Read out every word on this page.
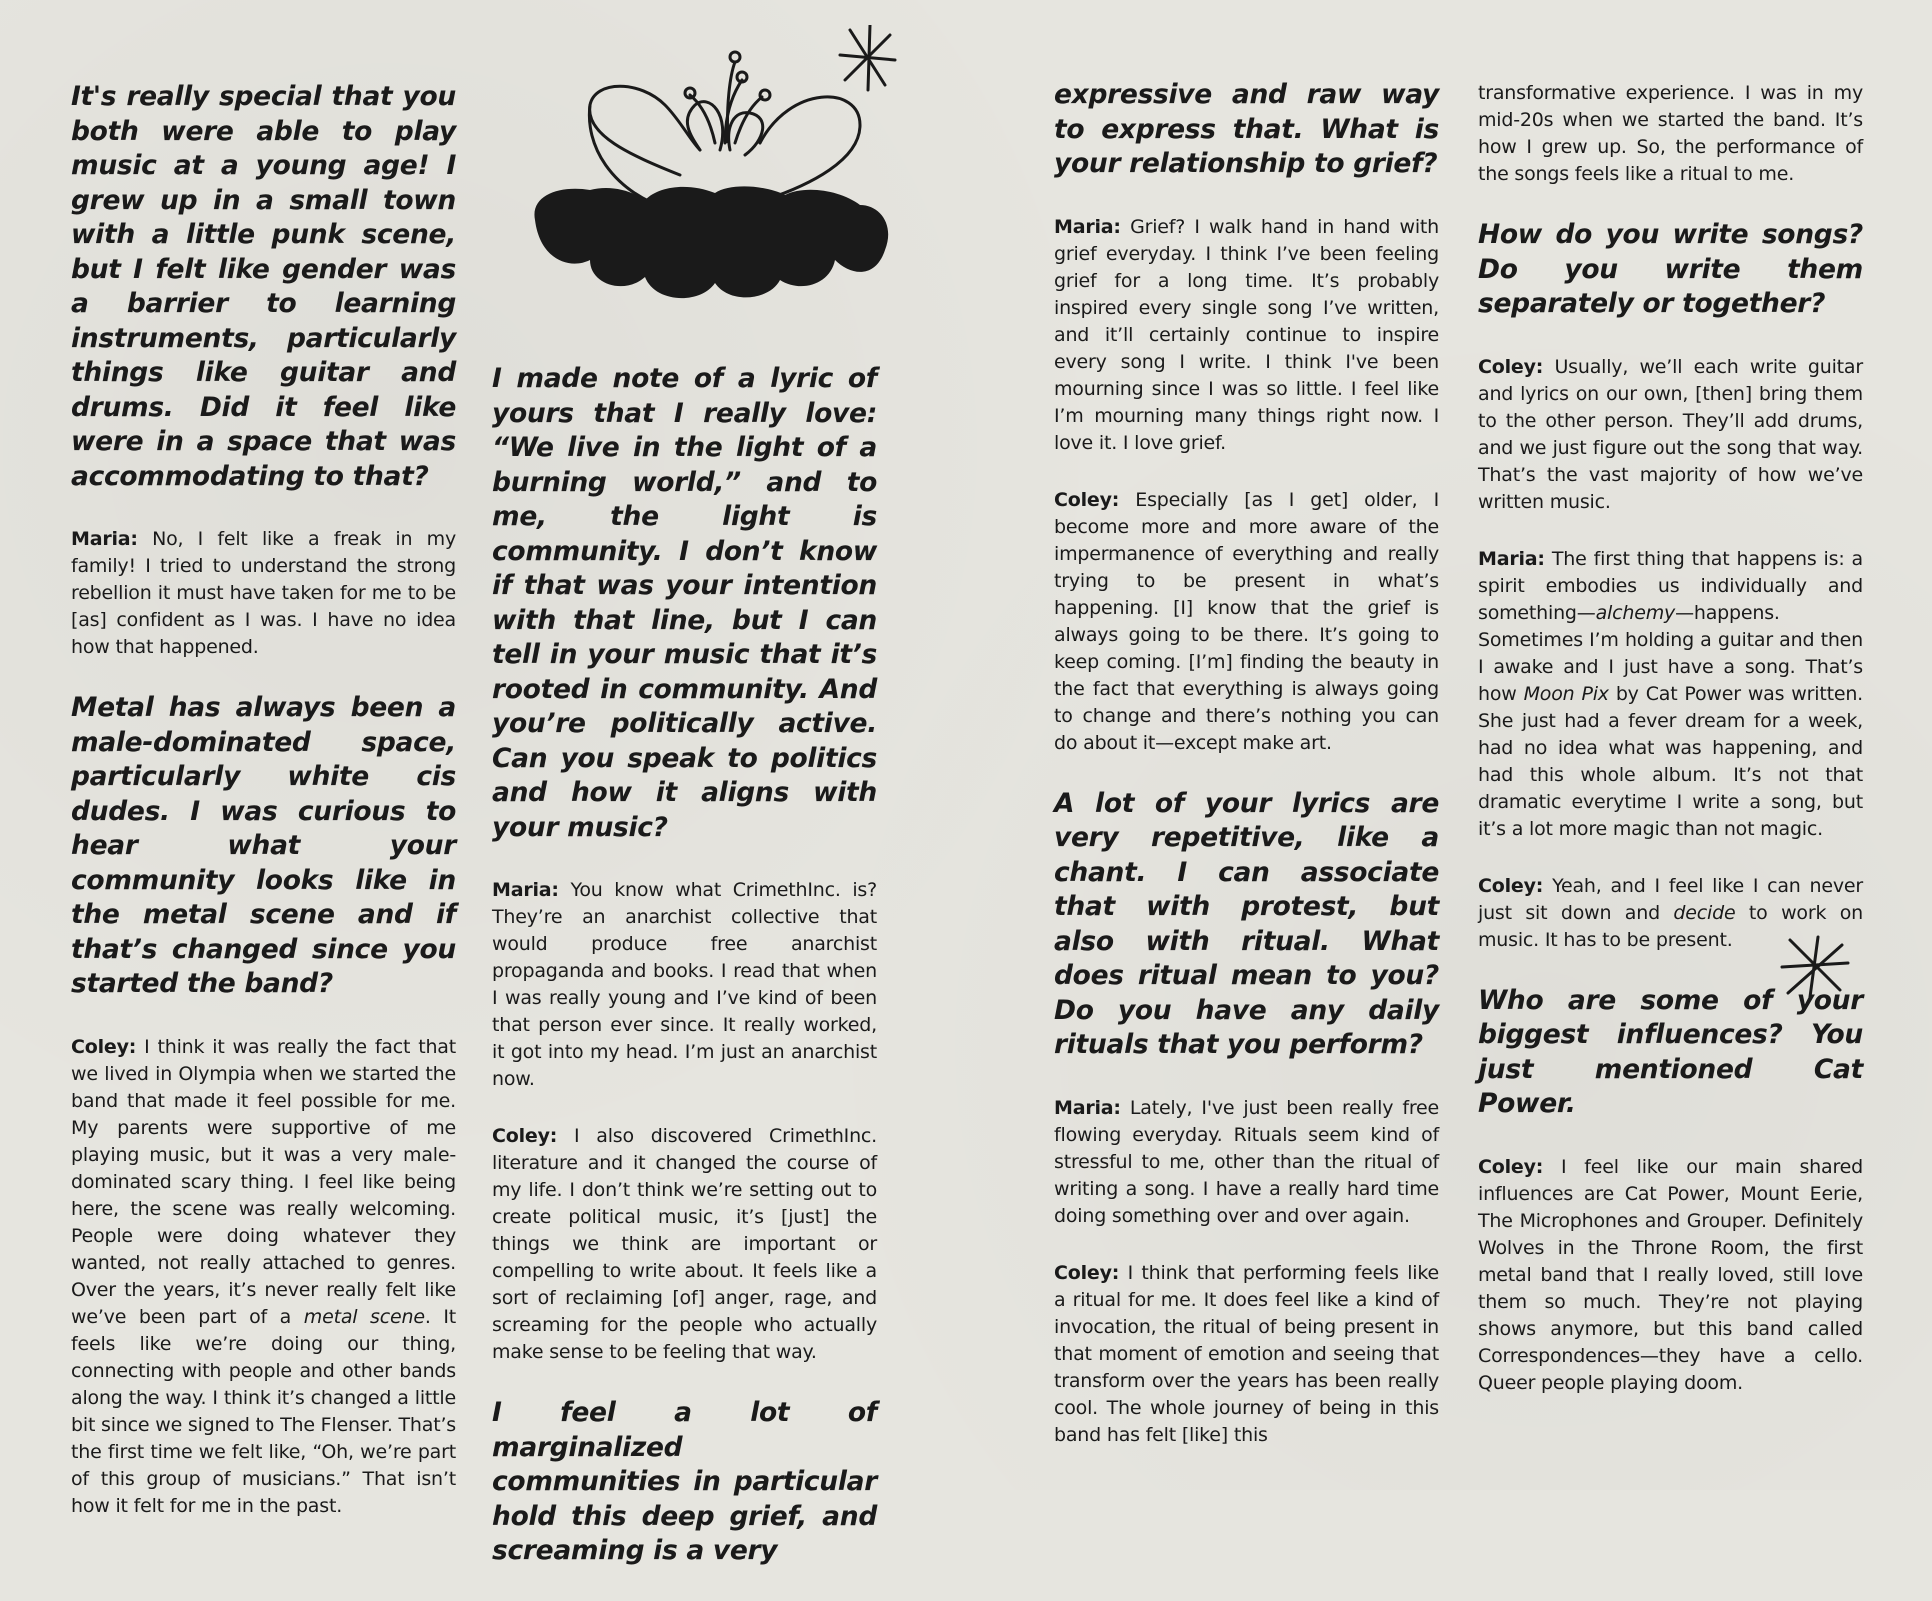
It's really special that you both were able to play music at a young age! I grew up in a small town with a little punk scene, but I felt like gender was a barrier to learning instruments, particularly things like guitar and drums. Did it feel like were in a space that was accommodating to that?

Maria: No, I felt like a freak in my family! I tried to understand the strong rebellion it must have taken for me to be [as] confident as I was. I have no idea how that happened.

Metal has always been a male-dominated space, particularly white cis dudes. I was curious to hear what your community looks like in the metal scene and if that’s changed since you started the band?

Coley: I think it was really the fact that we lived in Olympia when we started the band that made it feel possible for me. My parents were supportive of me playing music, but it was a very male-dominated scary thing. I feel like being here, the scene was really welcoming. People were doing whatever they wanted, not really attached to genres. Over the years, it’s never really felt like we’ve been part of a metal scene. It feels like we’re doing our thing, connecting with people and other bands along the way. I think it’s changed a little bit since we signed to The Flenser. That’s the first time we felt like, “Oh, we’re part of this group of musicians.” That isn’t how it felt for me in the past.

I made note of a lyric of yours that I really love: “We live in the light of a burning world,” and to me, the light is community. I don’t know if that was your intention with that line, but I can tell in your music that it’s rooted in community. And you’re politically active. Can you speak to politics and how it aligns with your music?

Maria: You know what CrimethInc. is? They’re an anarchist collective that would produce free anarchist propaganda and books. I read that when I was really young and I’ve kind of been that person ever since. It really worked, it got into my head. I’m just an anarchist now.

Coley: I also discovered CrimethInc. literature and it changed the course of my life. I don’t think we’re setting out to create political music, it’s [just] the things we think are important or compelling to write about. It feels like a sort of reclaiming [of] anger, rage, and screaming for the people who actually make sense to be feeling that way.

I feel a lot of marginalized communities in particular hold this deep grief, and screaming is a very

expressive and raw way to express that. What is your relationship to grief?

Maria: Grief? I walk hand in hand with grief everyday. I think I’ve been feeling grief for a long time. It’s probably inspired every single song I’ve written, and it’ll certainly continue to inspire every song I write. I think I've been mourning since I was so little. I feel like I’m mourning many things right now. I love it. I love grief.

Coley: Especially [as I get] older, I become more and more aware of the impermanence of everything and really trying to be present in what’s happening. [I] know that the grief is always going to be there. It’s going to keep coming. [I’m] finding the beauty in the fact that everything is always going to change and there’s nothing you can do about it—except make art.

A lot of your lyrics are very repetitive, like a chant. I can associate that with protest, but also with ritual. What does ritual mean to you? Do you have any daily rituals that you perform?

Maria: Lately, I've just been really free flowing everyday. Rituals seem kind of stressful to me, other than the ritual of writing a song. I have a really hard time doing something over and over again.

Coley: I think that performing feels like a ritual for me. It does feel like a kind of invocation, the ritual of being present in that moment of emotion and seeing that transform over the years has been really cool. The whole journey of being in this band has felt [like] this

transformative experience. I was in my mid-20s when we started the band. It’s how I grew up. So, the performance of the songs feels like a ritual to me.

How do you write songs? Do you write them separately or together?

Coley: Usually, we’ll each write guitar and lyrics on our own, [then] bring them to the other person. They’ll add drums, and we just figure out the song that way. That’s the vast majority of how we’ve written music.

Maria: The first thing that happens is: a spirit embodies us individually and something—alchemy—happens. Sometimes I’m holding a guitar and then I awake and I just have a song. That’s how Moon Pix by Cat Power was written. She just had a fever dream for a week, had no idea what was happening, and had this whole album. It’s not that dramatic everytime I write a song, but it’s a lot more magic than not magic.

Coley: Yeah, and I feel like I can never just sit down and decide to work on music. It has to be present.

Who are some of your biggest influences? You just mentioned Cat Power.

Coley: I feel like our main shared influences are Cat Power, Mount Eerie, The Microphones and Grouper. Definitely Wolves in the Throne Room, the first metal band that I really loved, still love them so much. They’re not playing shows anymore, but this band called Correspondences—they have a cello. Queer people playing doom.
